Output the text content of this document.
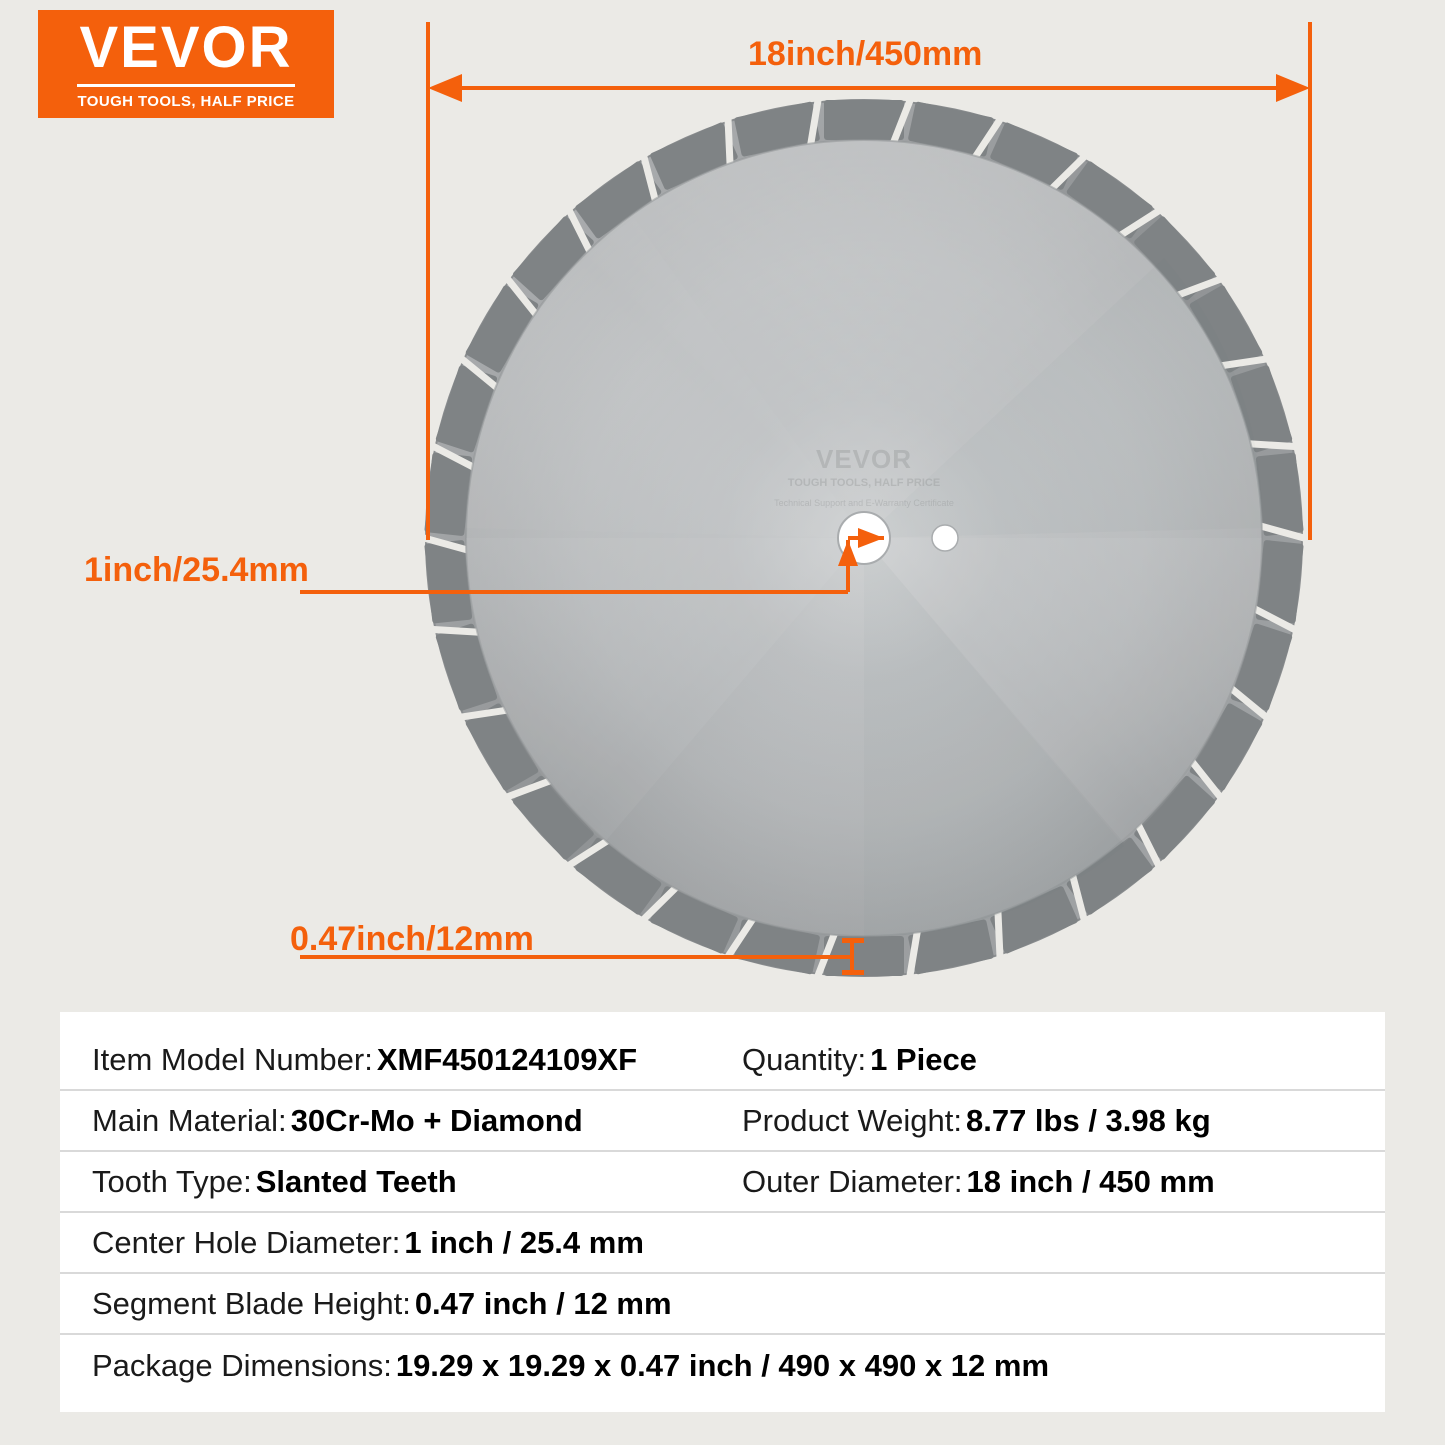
VEVOR
TOUGH TOOLS, HALF PRICE
VEVOR
TOUGH TOOLS, HALF PRICE
Technical Support and E-Warranty Certificate
18inch/450mm
1inch/25.4mm
0.47inch/12mm
Item Model Number: XMF450124109XF	Quantity: 1 Piece
Main Material: 30Cr-Mo + Diamond	Product Weight: 8.77 lbs / 3.98 kg
Tooth Type: Slanted Teeth	Outer Diameter: 18 inch / 450 mm
Center Hole Diameter: 1 inch / 25.4 mm
Segment Blade Height: 0.47 inch / 12 mm
Package Dimensions: 19.29 x 19.29 x 0.47 inch / 490 x 490 x 12 mm
